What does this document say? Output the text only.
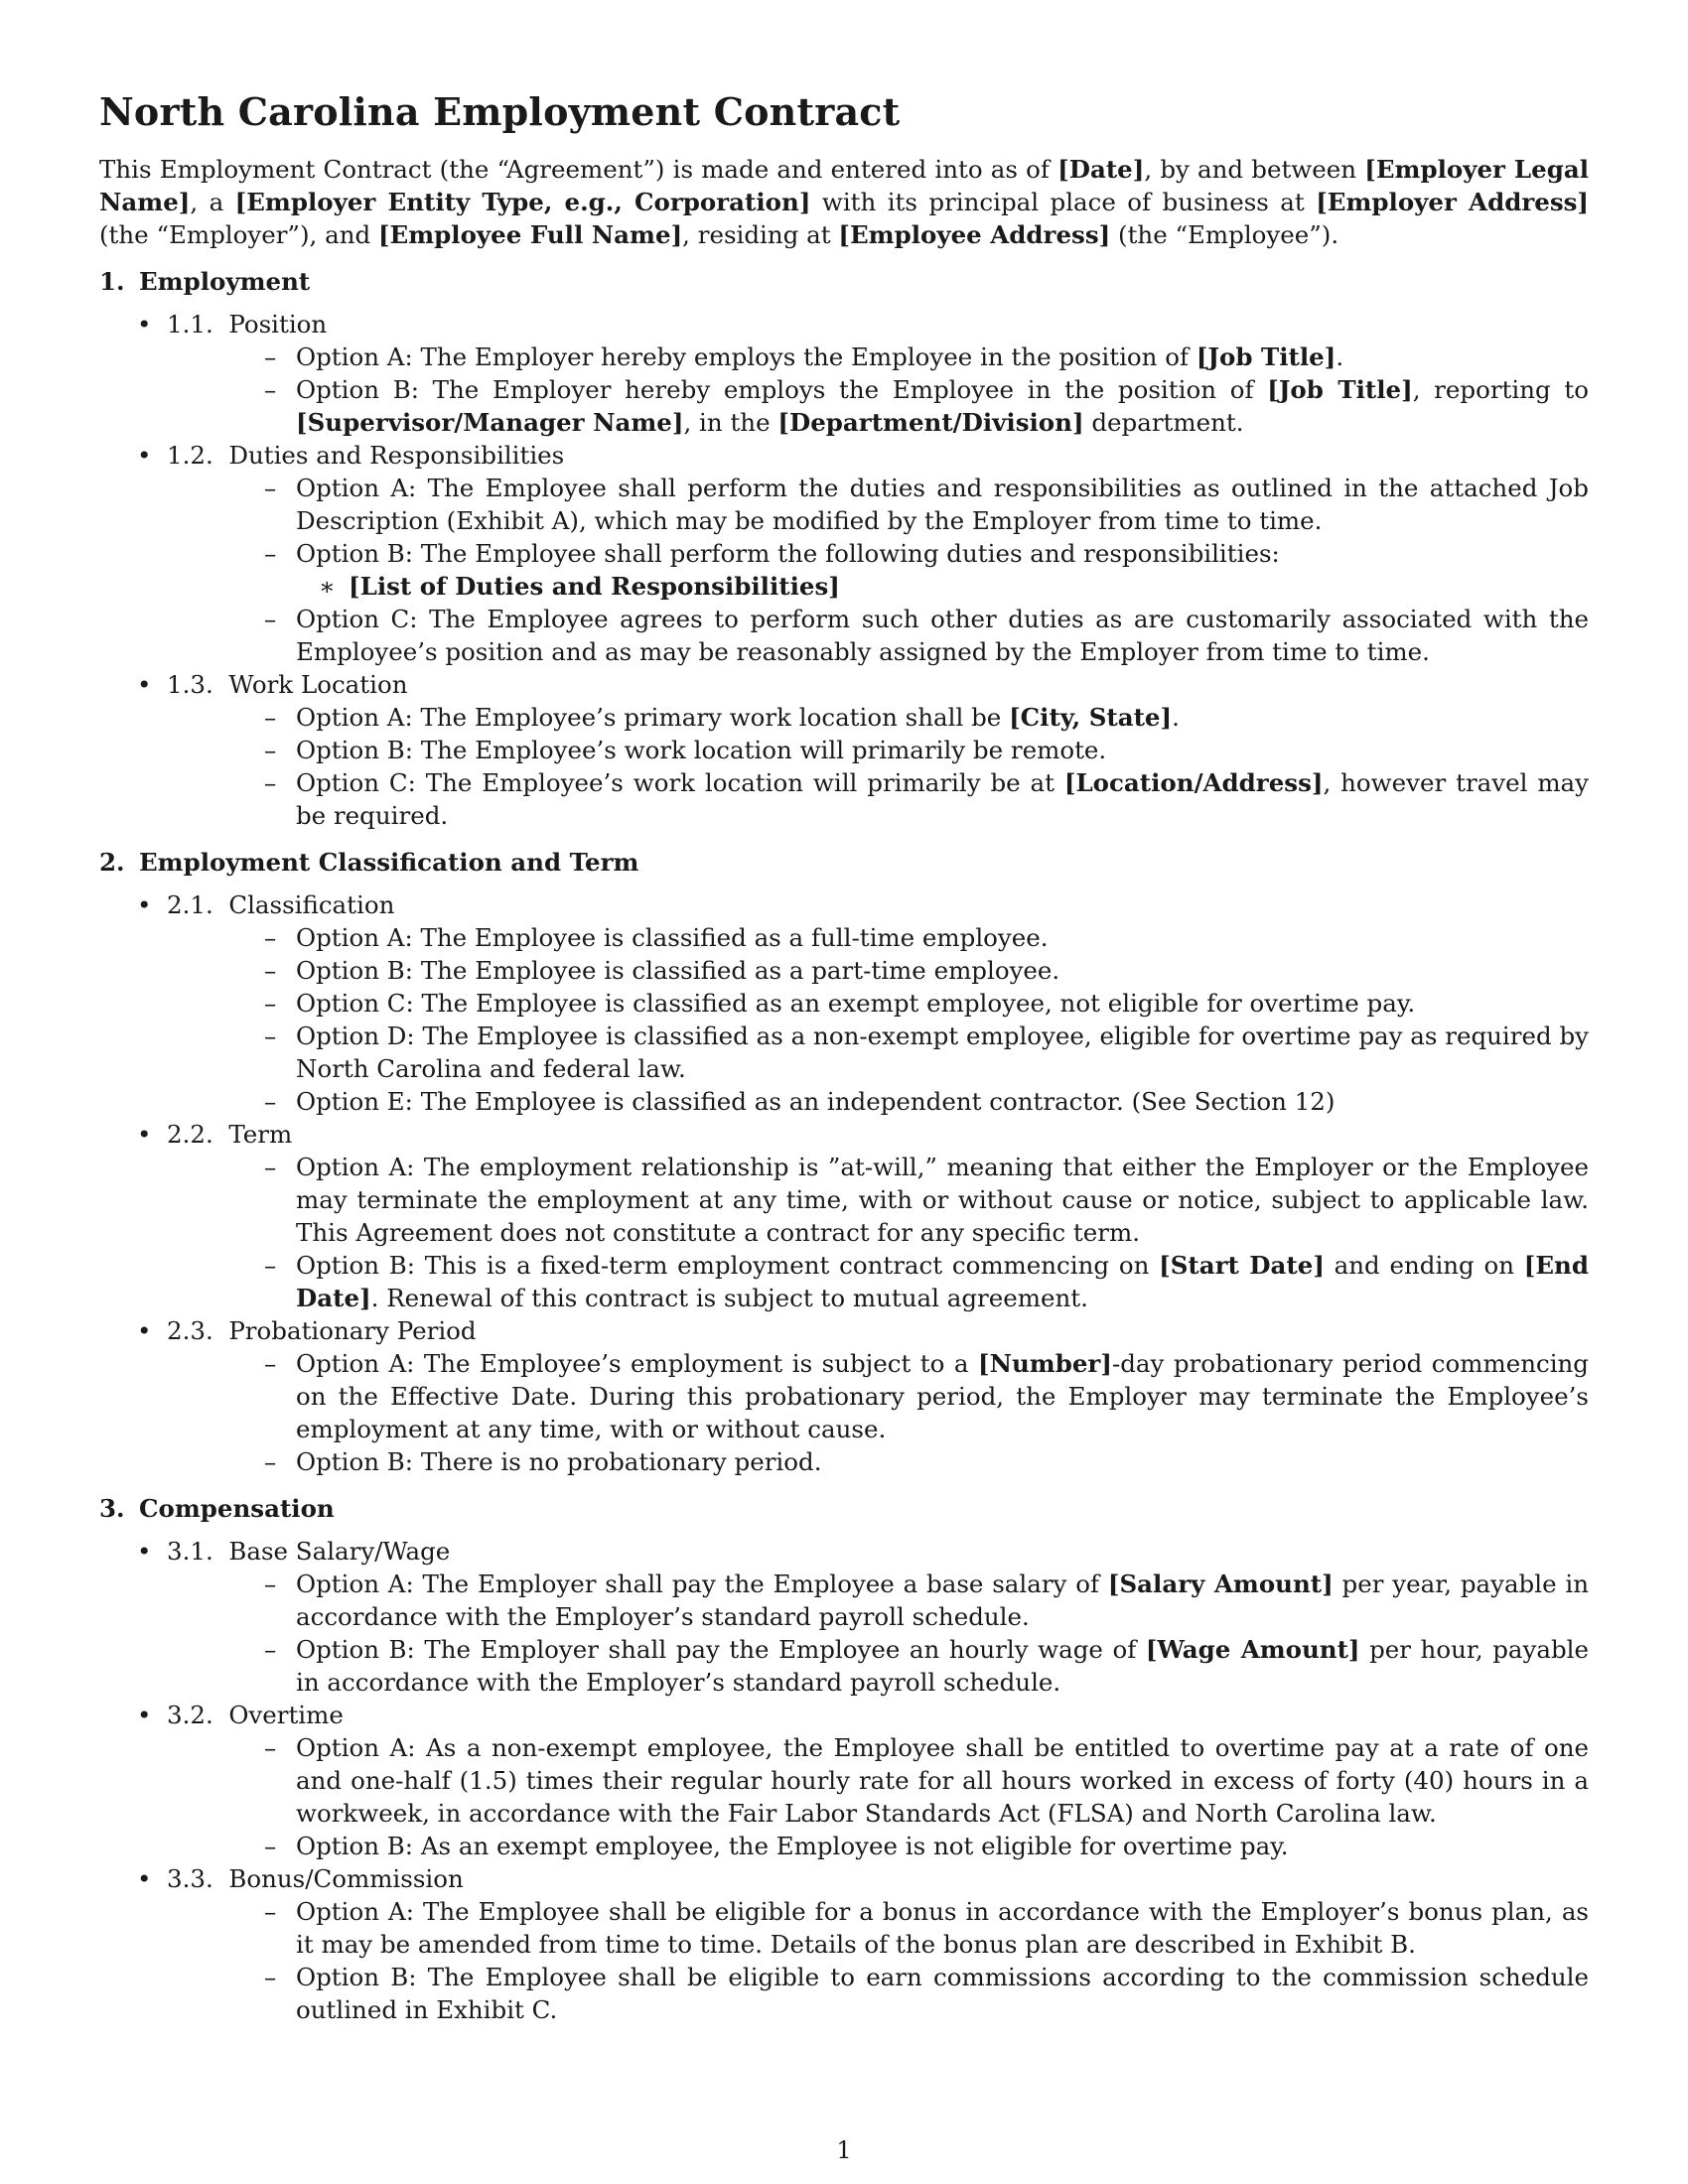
North Carolina Employment Contract

This Employment Contract (the “Agreement”) is made and entered into as of [Date], by and between [Employer Legal Name], a [Employer Entity Type, e.g., Corporation] with its principal place of business at [Employer Address] (the “Employer”), and [Employee Full Name], residing at [Employee Address] (the “Employee”).

1. Employment
• 1.1.  Position
– Option A: The Employer hereby employs the Employee in the position of [Job Title].
– Option B: The Employer hereby employs the Employee in the position of [Job Title], reporting to [Supervisor/Manager Name], in the [Department/Division] department.
• 1.2.  Duties and Responsibilities
– Option A: The Employee shall perform the duties and responsibilities as outlined in the attached Job Description (Exhibit A), which may be modified by the Employer from time to time.
– Option B: The Employee shall perform the following duties and responsibilities:
∗ [List of Duties and Responsibilities]
– Option C: The Employee agrees to perform such other duties as are customarily associated with the Employee’s position and as may be reasonably assigned by the Employer from time to time.
• 1.3.  Work Location
– Option A: The Employee’s primary work location shall be [City, State].
– Option B: The Employee’s work location will primarily be remote.
– Option C: The Employee’s work location will primarily be at [Location/Address], however travel may be required.
2. Employment Classification and Term
• 2.1.  Classification
– Option A: The Employee is classified as a full-time employee.
– Option B: The Employee is classified as a part-time employee.
– Option C: The Employee is classified as an exempt employee, not eligible for overtime pay.
– Option D: The Employee is classified as a non-exempt employee, eligible for overtime pay as required by North Carolina and federal law.
– Option E: The Employee is classified as an independent contractor. (See Section 12)
• 2.2.  Term
– Option A: The employment relationship is ”at-will,” meaning that either the Employer or the Employee may terminate the employment at any time, with or without cause or notice, subject to applicable law. This Agreement does not constitute a contract for any specific term.
– Option B: This is a fixed-term employment contract commencing on [Start Date] and ending on [End Date]. Renewal of this contract is subject to mutual agreement.
• 2.3.  Probationary Period
– Option A: The Employee’s employment is subject to a [Number]-day probationary period commencing on the Effective Date. During this probationary period, the Employer may terminate the Employee’s employment at any time, with or without cause.
– Option B: There is no probationary period.
3. Compensation
• 3.1.  Base Salary/Wage
– Option A: The Employer shall pay the Employee a base salary of [Salary Amount] per year, payable in accordance with the Employer’s standard payroll schedule.
– Option B: The Employer shall pay the Employee an hourly wage of [Wage Amount] per hour, payable in accordance with the Employer’s standard payroll schedule.
• 3.2.  Overtime
– Option A: As a non-exempt employee, the Employee shall be entitled to overtime pay at a rate of one and one-half (1.5) times their regular hourly rate for all hours worked in excess of forty (40) hours in a workweek, in accordance with the Fair Labor Standards Act (FLSA) and North Carolina law.
– Option B: As an exempt employee, the Employee is not eligible for overtime pay.
• 3.3.  Bonus/Commission
– Option A: The Employee shall be eligible for a bonus in accordance with the Employer’s bonus plan, as it may be amended from time to time. Details of the bonus plan are described in Exhibit B.
– Option B: The Employee shall be eligible to earn commissions according to the commission schedule outlined in Exhibit C.
1
